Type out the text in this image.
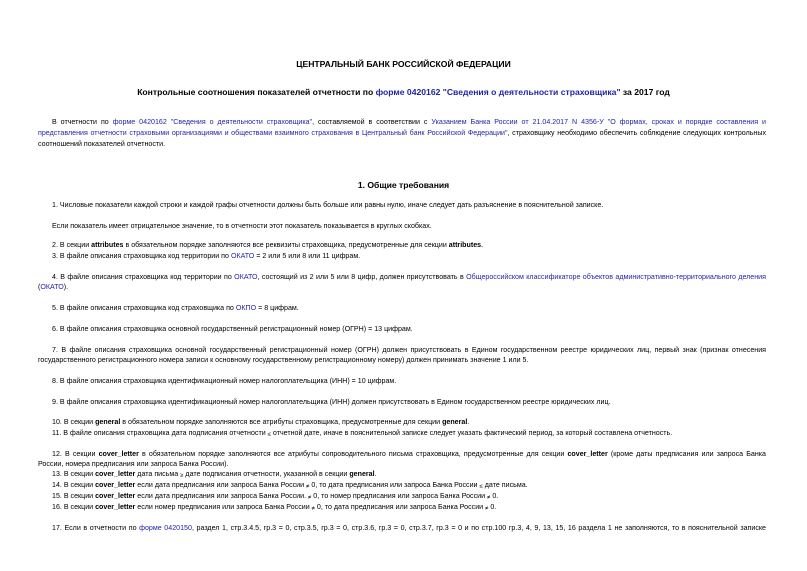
ЦЕНТРАЛЬНЫЙ БАНК РОССИЙСКОЙ ФЕДЕРАЦИИ
Контрольные соотношения показателей отчетности по форме 0420162 "Сведения о деятельности страховщика" за 2017 год
В отчетности по форме 0420162 "Сведения о деятельности страховщика", составляемой в соответствии с Указанием Банка России от 21.04.2017 N 4356-У "О формах, сроках и порядке составления и
представления отчетности страховыми организациями и обществами взаимного страхования в Центральный банк Российской Федерации", страховщику необходимо обеспечить соблюдение следующих контрольных
соотношений показателей отчетности.
1. Общие требования
1. Числовые показатели каждой строки и каждой графы отчетности должны быть больше или равны нулю, иначе следует дать разъяснение в пояснительной записке.
Если показатель имеет отрицательное значение, то в отчетности этот показатель показывается в круглых скобках.
2. В секции attributes в обязательном порядке заполняются все реквизиты страховщика, предусмотренные для секции attributes.
3. В файле описания страховщика код территории по ОКАТО = 2 или 5 или 8 или 11 цифрам.
4. В файле описания страховщика код территории по ОКАТО, состоящий из 2 или 5 или 8 цифр, должен присутствовать в Общероссийском классификаторе объектов административно-территориального деления
(ОКАТО).
5. В файле описания страховщика код страховщика по ОКПО = 8 цифрам.
6. В файле описания страховщика основной государственный регистрационный номер (ОГРН) = 13 цифрам.
7. В файле описания страховщика основной государственный регистрационный номер (ОГРН) должен присутствовать в Едином государственном реестре юридических лиц, первый знак (признак отнесения
государственного регистрационного номера записи к основному государственному регистрационному номеру) должен принимать значение 1 или 5.
8. В файле описания страховщика идентификационный номер налогоплательщика (ИНН) = 10 цифрам.
9. В файле описания страховщика идентификационный номер налогоплательщика (ИНН) должен присутствовать в Едином государственном реестре юридических лиц.
10. В секции general в обязательном порядке заполняются все атрибуты страховщика, предусмотренные для секции general.
11. В файле описания страховщика дата подписания отчетности ≤ отчетной дате, иначе в пояснительной записке следует указать фактический период, за который составлена отчетность.
12. В секции cover_letter в обязательном порядке заполняются все атрибуты сопроводительного письма страховщика, предусмотренные для секции cover_letter (кроме даты предписания или запроса Банка
России, номера предписания или запроса Банка России).
13. В секции cover_letter дата письма ≥ дате подписания отчетности, указанной в секции general.
14. В секции cover_letter если дата предписания или запроса Банка России ≠ 0, то дата предписания или запроса Банка России ≤ дате письма.
15. В секции cover_letter если дата предписания или запроса Банка России. ≠ 0, то номер предписания или запроса Банка России ≠ 0.
16. В секции cover_letter если номер предписания или запроса Банка России ≠ 0, то дата предписания или запроса Банка России ≠ 0.
17. Если в отчетности по форме 0420150, раздел 1, стр.3.4.5, гр.3 = 0, стр.3.5, гр.3 = 0, стр.3.6, гр.3 = 0, стр.3.7, гр.3 = 0 и по стр.100 гр.3, 4, 9, 13, 15, 16 раздела 1 не заполняются, то в пояснительной записке
